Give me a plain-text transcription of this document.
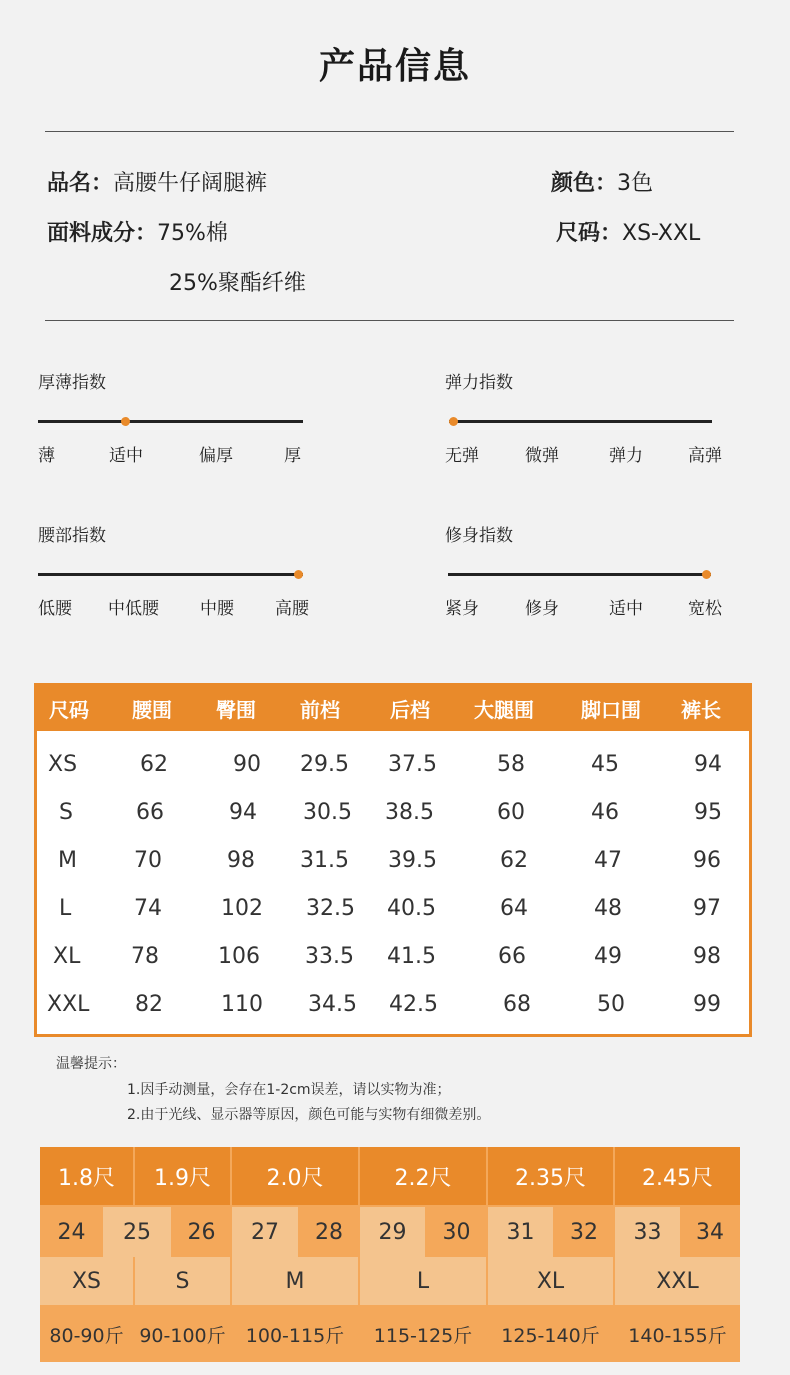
产品信息
品名：高腰牛仔阔腿裤	颜色：3色
面料成分：75%棉
25%聚酯纤维
尺码：XS-XXL
厚薄指数
薄	适中	偏厚	厚
弹力指数
无弹	微弹	弹力	高弹
腰部指数
低腰 中低腰 中腰 高腰
修身指数
紧身	修身	适中	宽松
尺码 腰围 臀围 前档	后档 大腿围 脚口围 裤长
XS	62	90 29.5 37.5	58	45	94
S	66	94 30.5 38.5	60	46	95
M	70	98 31.5 39.5	62	47	96
L	74	102 32.5 40.5	64	48	97
XL 78	106 33.5 41.5	66	49	98
XXL 82	110 34.5 42.5	68	50	99
温馨提示：
1.因手动测量，会存在1-2cm误差，请以实物为准；
2.由于光线、显示器等原因，颜色可能与实物有细微差别。
1.8尺	1.9尺	2.0尺	2.2尺	2.35尺	2.45尺
24	25	26	27	28	29	30	31	32	33	34
XS	S	M	L	XL	XXL
80-90斤 90-100斤	100-115斤	115-125斤	125-140斤	140-155斤
